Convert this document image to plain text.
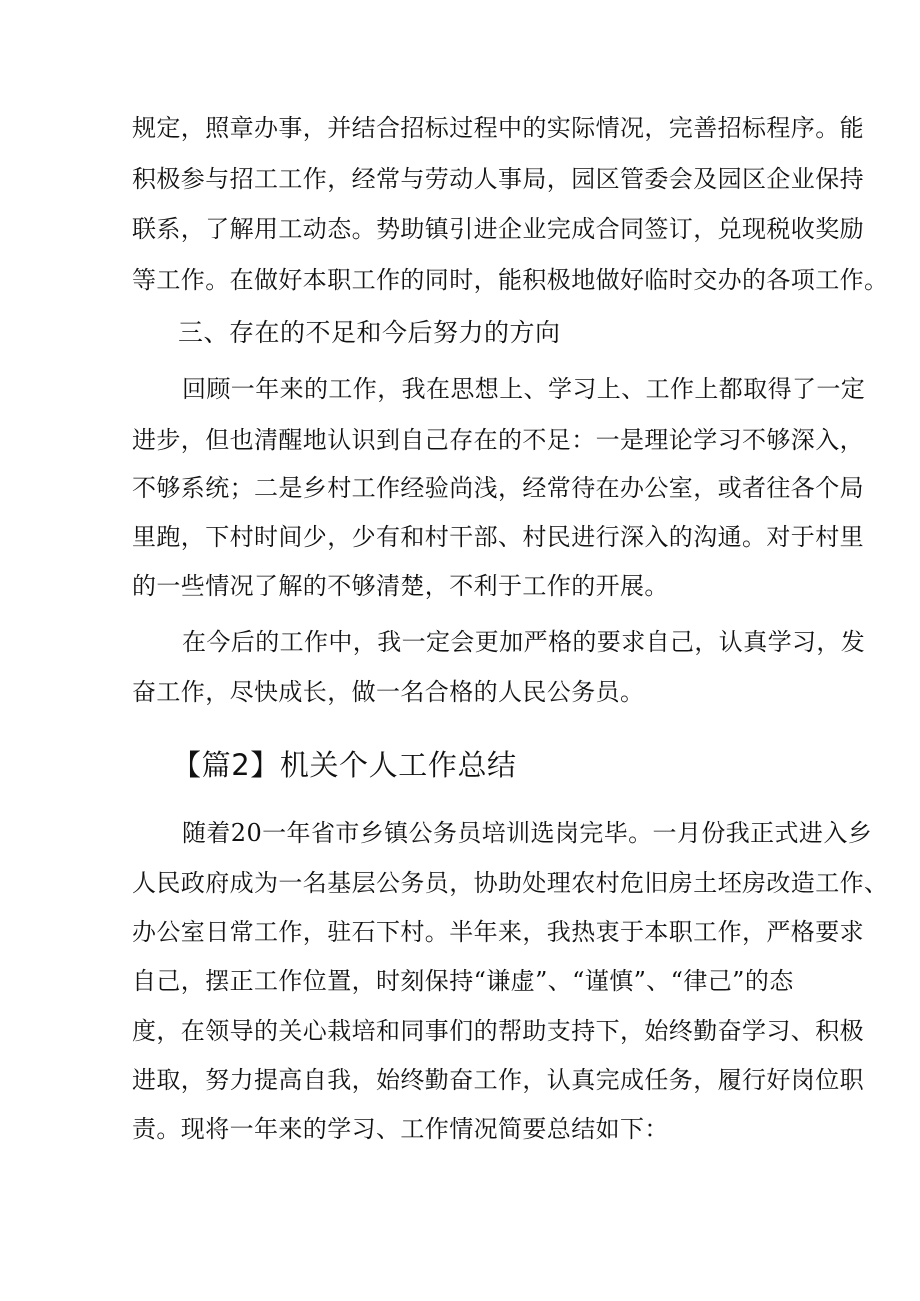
规定，照章办事，并结合招标过程中的实际情况，完善招标程序。能
积极参与招工工作，经常与劳动人事局，园区管委会及园区企业保持
联系，了解用工动态。势助镇引进企业完成合同签订，兑现税收奖励
等工作。在做好本职工作的同时，能积极地做好临时交办的各项工作。
三、存在的不足和今后努力的方向
回顾一年来的工作，我在思想上、学习上、工作上都取得了一定
进步，但也清醒地认识到自己存在的不足：一是理论学习不够深入，
不够系统；二是乡村工作经验尚浅，经常待在办公室，或者往各个局
里跑，下村时间少，少有和村干部、村民进行深入的沟通。对于村里
的一些情况了解的不够清楚，不利于工作的开展。
在今后的工作中，我一定会更加严格的要求自己，认真学习，发
奋工作，尽快成长，做一名合格的人民公务员。
【篇2】机关个人工作总结
随着20一年省市乡镇公务员培训选岗完毕。一月份我正式进入乡
人民政府成为一名基层公务员，协助处理农村危旧房土坯房改造工作、
办公室日常工作，驻石下村。半年来，我热衷于本职工作，严格要求
自己，摆正工作位置，时刻保持“谦虚”、“谨慎”、“律己”的态
度，在领导的关心栽培和同事们的帮助支持下，始终勤奋学习、积极
进取，努力提高自我，始终勤奋工作，认真完成任务，履行好岗位职
责。现将一年来的学习、工作情况简要总结如下：
